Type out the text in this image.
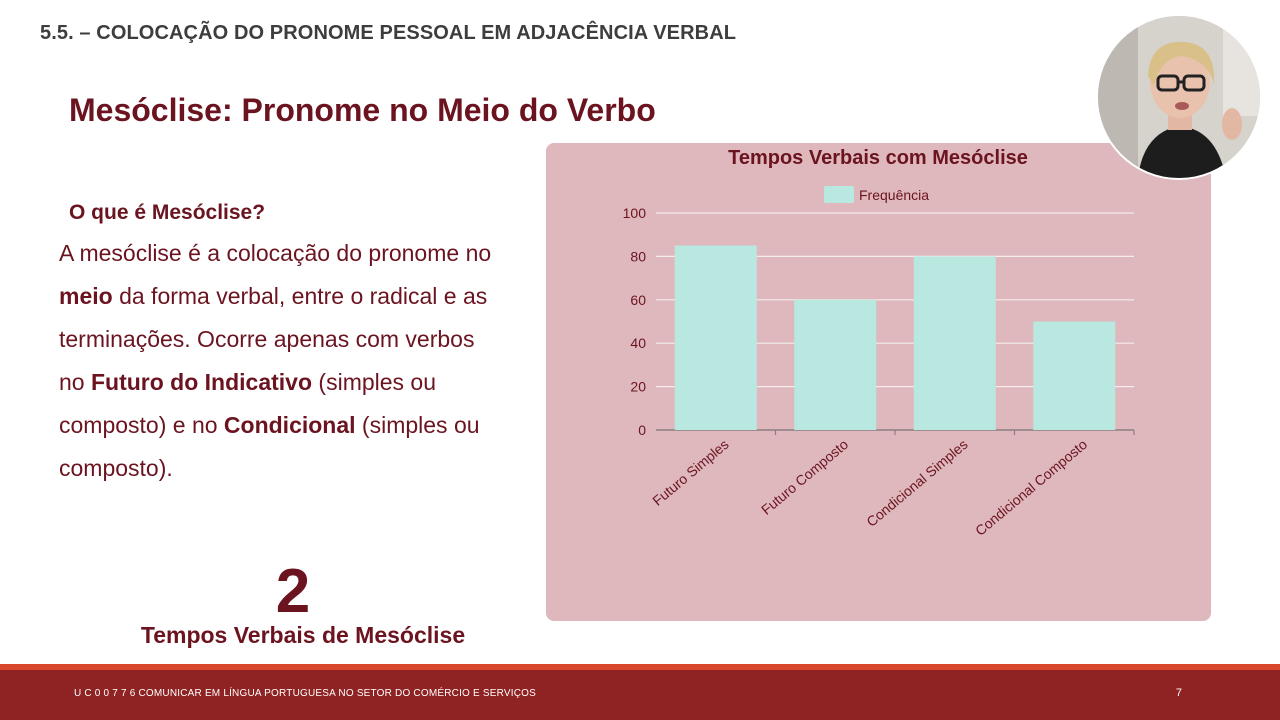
5.5. – COLOCAÇÃO DO PRONOME PESSOAL EM ADJACÊNCIA VERBAL
Mesóclise: Pronome no Meio do Verbo
O que é Mesóclise?
A mesóclise é a colocação do pronome no meio da forma verbal, entre o radical e as terminações. Ocorre apenas com verbos no Futuro do Indicativo (simples ou composto) e no Condicional (simples ou composto).
2
Tempos Verbais de Mesóclise
Tempos Verbais com Mesóclise
Frequência
0
20
40
60
80
100
Futuro Simples Futuro Composto Condicional Simples Condicional Composto
U C 0 0 7 7 6 COMUNICAR EM LÍNGUA PORTUGUESA NO SETOR DO COMÉRCIO E SERVIÇOS	7
